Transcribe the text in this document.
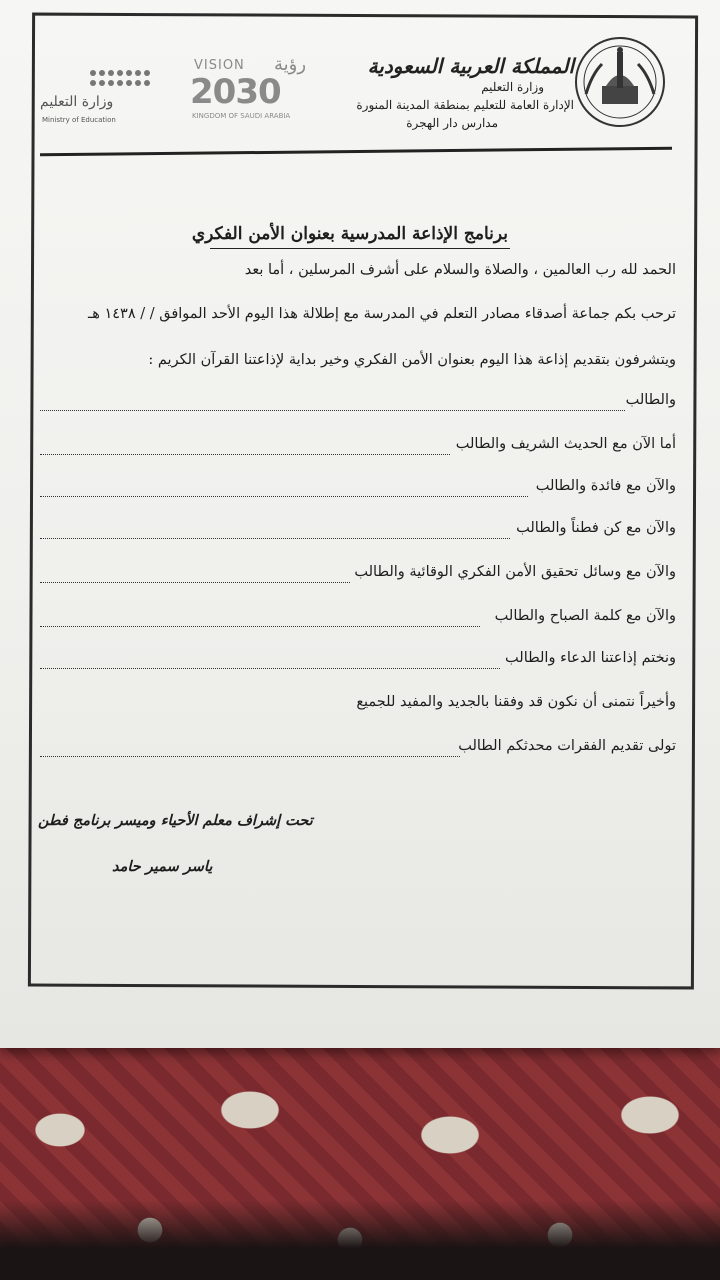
المملكة العربية السعودية
وزارة التعليم
الإدارة العامة للتعليم بمنطقة المدينة المنورة
مدارس دار الهجرة
VISION رؤية
2030
KINGDOM OF SAUDI ARABIA
وزارة التعليم
Ministry of Education
برنامج الإذاعة المدرسية بعنوان الأمن الفكري
الحمد لله رب العالمين ، والصلاة والسلام على أشرف المرسلين ، أما بعد
ترحب بكم جماعة أصدقاء مصادر التعلم في المدرسة مع إطلالة هذا اليوم الأحد الموافق / / ١٤٣٨ هـ
ويتشرفون بتقديم إذاعة هذا اليوم بعنوان الأمن الفكري وخير بداية لإذاعتنا القرآن الكريم :
والطالب
أما الآن مع الحديث الشريف والطالب
والآن مع فائدة والطالب
والآن مع كن فطناً والطالب
والآن مع وسائل تحقيق الأمن الفكري الوقائية والطالب
والآن مع كلمة الصباح والطالب
ونختم إذاعتنا الدعاء والطالب
وأخيراً نتمنى أن نكون قد وفقنا بالجديد والمفيد للجميع
تولى تقديم الفقرات محدثكم الطالب
تحت إشراف معلم الأحياء وميسر برنامج فطن
ياسر سمير حامد
